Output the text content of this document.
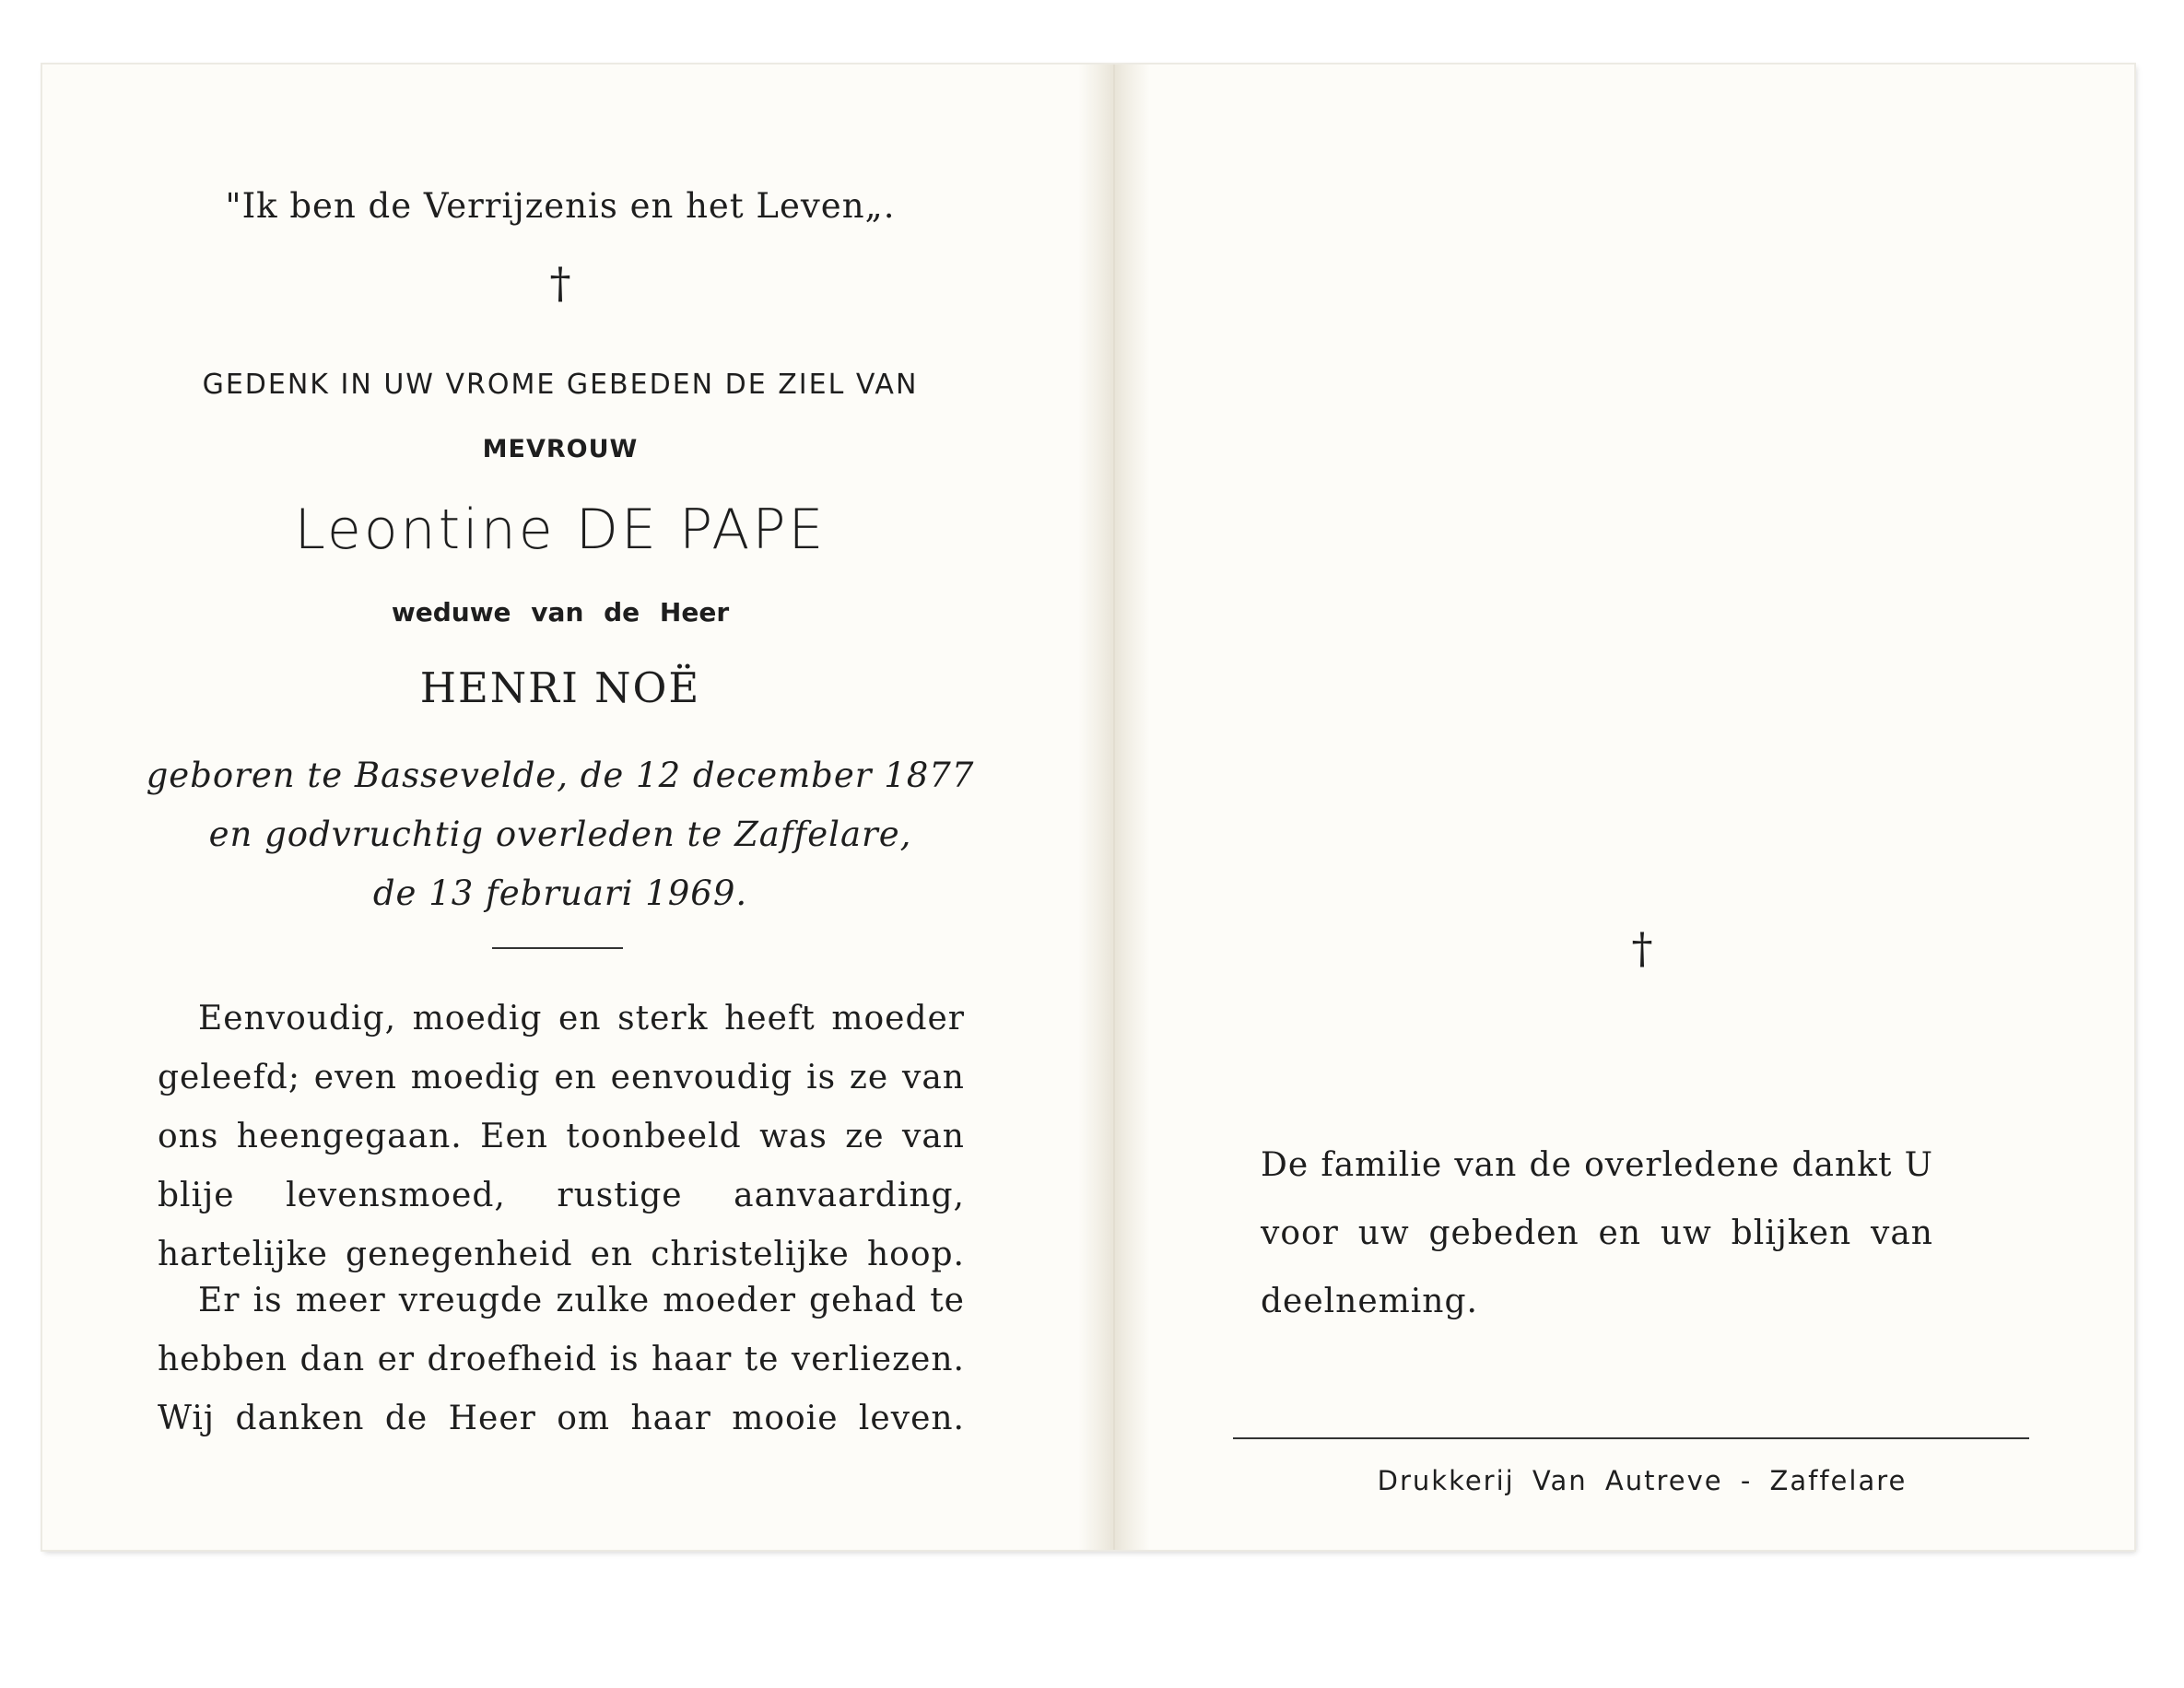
"Ik ben de Verrijzenis en het Leven„.
†
GEDENK IN UW VROME GEBEDEN DE ZIEL VAN
MEVROUW
Leontine DE PAPE
weduwe van de Heer
HENRI NOË
geboren te Bassevelde, de 12 december 1877
en godvruchtig overleden te Zaffelare,
de 13 februari 1969.
Eenvoudig, moedig en sterk heeft moeder geleefd; even moedig en eenvoudig is ze van ons heengegaan. Een toonbeeld was ze van blije levensmoed, rustige aanvaarding, hartelijke genegenheid en christelijke hoop.
Er is meer vreugde zulke moeder gehad te hebben dan er droefheid is haar te verliezen. Wij danken de Heer om haar mooie leven.
†
De familie van de overledene dankt U voor uw gebeden en uw blijken van deelneming.
Drukkerij Van Autreve - Zaffelare
